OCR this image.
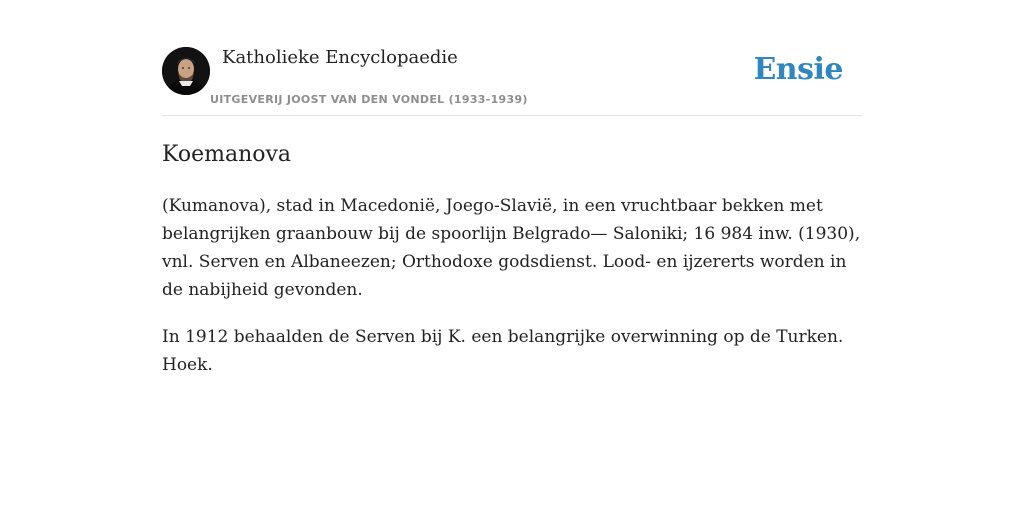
Katholieke Encyclopaedie
UITGEVERIJ JOOST VAN DEN VONDEL (1933-1939)
Ensie
Koemanova

(Kumanova), stad in Macedonië, Joego-Slavië, in een vruchtbaar bekken met belangrijken graanbouw bij de spoorlijn Belgrado— Saloniki; 16 984 inw. (1930), vnl. Serven en Albaneezen; Orthodoxe godsdienst. Lood- en ijzererts worden in de nabijheid gevonden.

In 1912 behaalden de Serven bij K. een belangrijke overwinning op de Turken. Hoek.
